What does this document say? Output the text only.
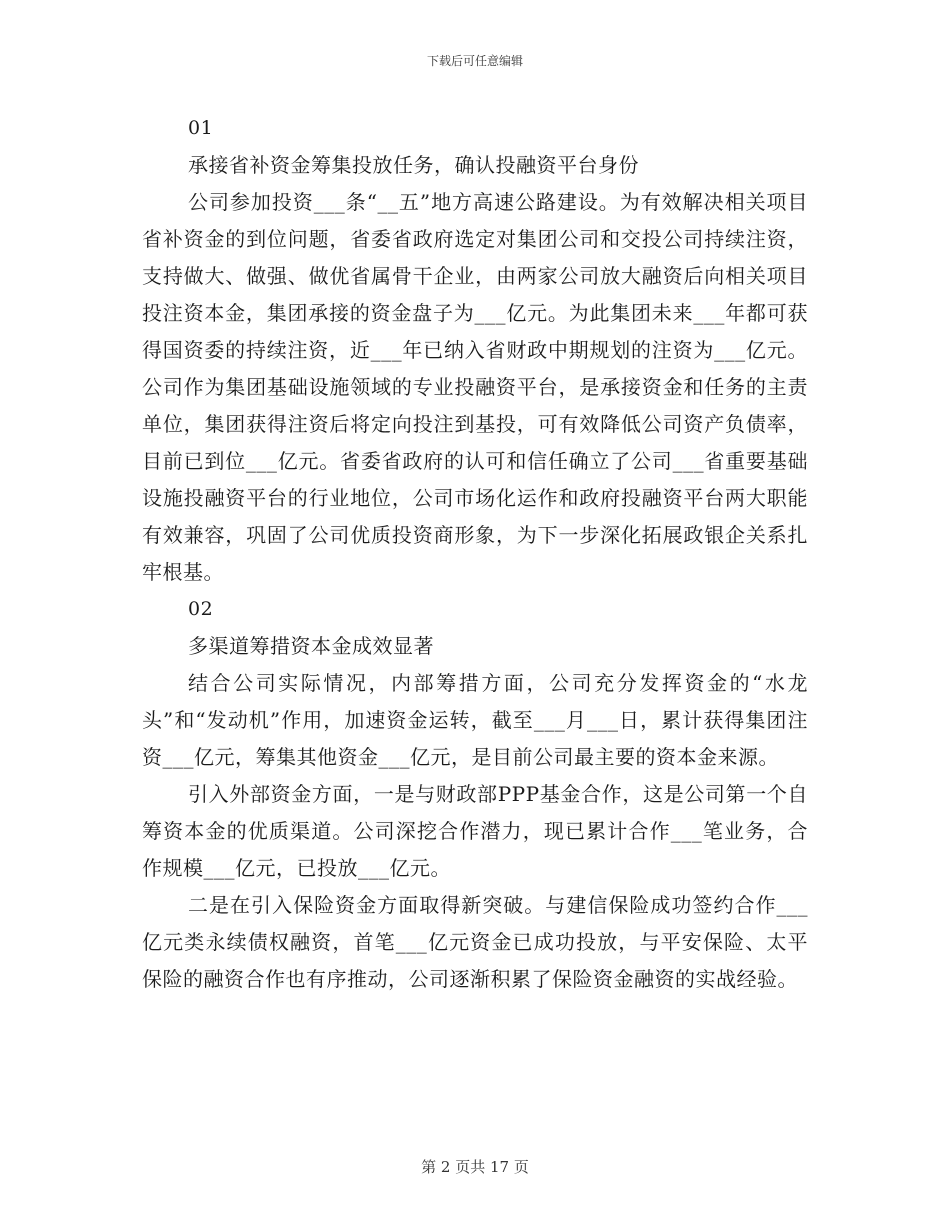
下载后可任意编辑

01

承接省补资金筹集投放任务，确认投融资平台身份

公司参加投资___条“__五”地方高速公路建设。为有效解决相关项目省补资金的到位问题，省委省政府选定对集团公司和交投公司持续注资，支持做大、做强、做优省属骨干企业，由两家公司放大融资后向相关项目投注资本金，集团承接的资金盘子为___亿元。为此集团未来___年都可获得国资委的持续注资，近___年已纳入省财政中期规划的注资为___亿元。公司作为集团基础设施领域的专业投融资平台，是承接资金和任务的主责单位，集团获得注资后将定向投注到基投，可有效降低公司资产负债率，目前已到位___亿元。省委省政府的认可和信任确立了公司___省重要基础设施投融资平台的行业地位，公司市场化运作和政府投融资平台两大职能有效兼容，巩固了公司优质投资商形象，为下一步深化拓展政银企关系扎牢根基。

02

多渠道筹措资本金成效显著

结合公司实际情况，内部筹措方面，公司充分发挥资金的“水龙头”和“发动机”作用，加速资金运转，截至___月___日，累计获得集团注资___亿元，筹集其他资金___亿元，是目前公司最主要的资本金来源。

引入外部资金方面，一是与财政部PPP基金合作，这是公司第一个自筹资本金的优质渠道。公司深挖合作潜力，现已累计合作___笔业务，合作规模___亿元，已投放___亿元。

二是在引入保险资金方面取得新突破。与建信保险成功签约合作___亿元类永续债权融资，首笔___亿元资金已成功投放，与平安保险、太平保险的融资合作也有序推动，公司逐渐积累了保险资金融资的实战经验。

第 2 页共 17 页
